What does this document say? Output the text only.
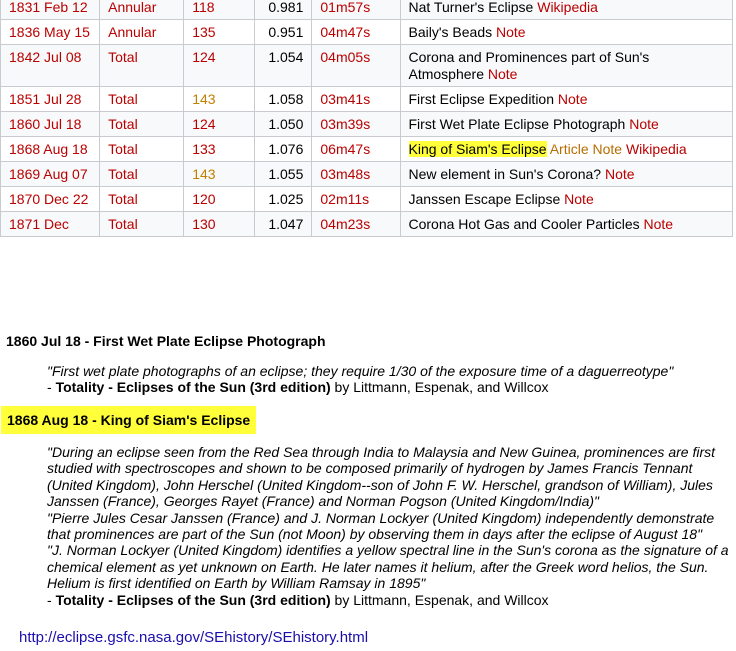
1831 Feb 12	Annular	118	0.981	01m57s	Nat Turner's Eclipse Wikipedia
1836 May 15	Annular	135	0.951	04m47s	Baily's Beads Note
1842 Jul 08	Total	124	1.054	04m05s	Corona and Prominences part of Sun's Atmosphere Note
1851 Jul 28	Total	143	1.058	03m41s	First Eclipse Expedition Note
1860 Jul 18	Total	124	1.050	03m39s	First Wet Plate Eclipse Photograph Note
1868 Aug 18	Total	133	1.076	06m47s	King of Siam's Eclipse Article Note Wikipedia
1869 Aug 07	Total	143	1.055	03m48s	New element in Sun's Corona? Note
1870 Dec 22	Total	120	1.025	02m11s	Janssen Escape Eclipse Note
1871 Dec	Total	130	1.047	04m23s	Corona Hot Gas and Cooler Particles Note
1860 Jul 18 - First Wet Plate Eclipse Photograph
"First wet plate photographs of an eclipse; they require 1/30 of the exposure time of a daguerreotype"
- Totality - Eclipses of the Sun (3rd edition) by Littmann, Espenak, and Willcox
1868 Aug 18 - King of Siam's Eclipse
"During an eclipse seen from the Red Sea through India to Malaysia and New Guinea, prominences are first studied with spectroscopes and shown to be composed primarily of hydrogen by James Francis Tennant (United Kingdom), John Herschel (United Kingdom--son of John F. W. Herschel, grandson of William), Jules Janssen (France), Georges Rayet (France) and Norman Pogson (United Kingdom/India)"
"Pierre Jules Cesar Janssen (France) and J. Norman Lockyer (United Kingdom) independently demonstrate that prominences are part of the Sun (not Moon) by observing them in days after the eclipse of August 18"
"J. Norman Lockyer (United Kingdom) identifies a yellow spectral line in the Sun's corona as the signature of a chemical element as yet unknown on Earth. He later names it helium, after the Greek word helios, the Sun. Helium is first identified on Earth by William Ramsay in 1895"
- Totality - Eclipses of the Sun (3rd edition) by Littmann, Espenak, and Willcox
http://eclipse.gsfc.nasa.gov/SEhistory/SEhistory.html
